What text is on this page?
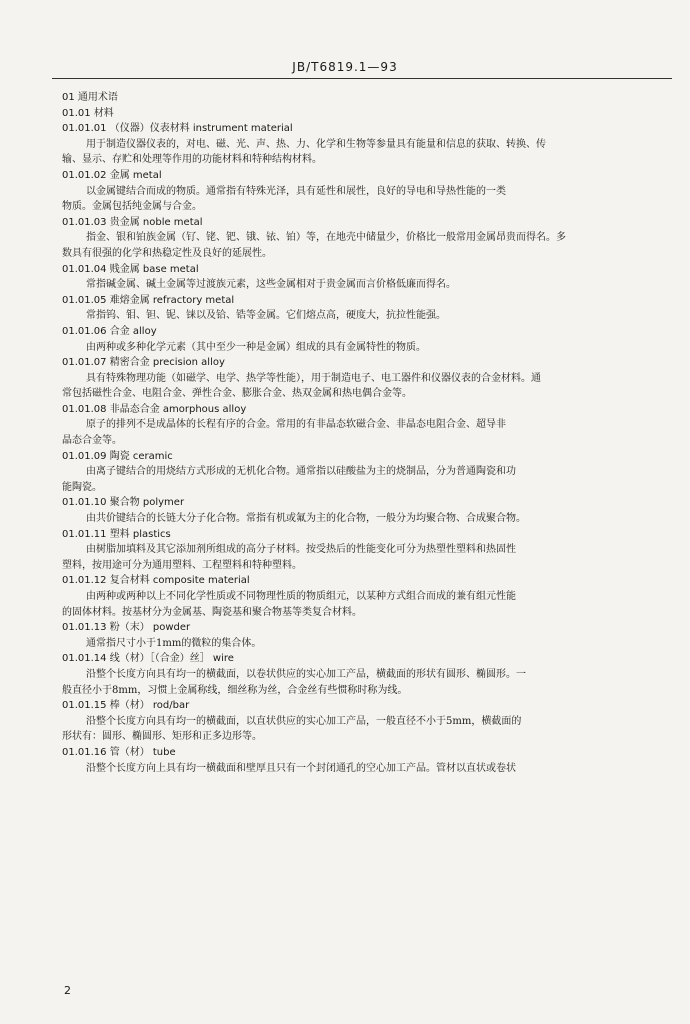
JB/T6819.1—93
01 通用术语
01.01 材料
01.01.01 （仪器）仪表材料 instrument material
用于制造仪器仪表的，对电、磁、光、声、热、力、化学和生物等参量具有能量和信息的获取、转换、传
输、显示、存贮和处理等作用的功能材料和特种结构材料。
01.01.02 金属 metal
以金属键结合而成的物质。通常指有特殊光泽，具有延性和展性，良好的导电和导热性能的一类
物质。金属包括纯金属与合金。
01.01.03 贵金属 noble metal
指金、银和铂族金属（钌、铑、钯、锇、铱、铂）等，在地壳中储量少，价格比一般常用金属昂贵而得名。多
数具有很强的化学和热稳定性及良好的延展性。
01.01.04 贱金属 base metal
常指碱金属、碱土金属等过渡族元素，这些金属相对于贵金属而言价格低廉而得名。
01.01.05 难熔金属 refractory metal
常指钨、钼、钽、铌、铼以及铪、锆等金属。它们熔点高，硬度大，抗拉性能强。
01.01.06 合金 alloy
由两种或多种化学元素（其中至少一种是金属）组成的具有金属特性的物质。
01.01.07 精密合金 precision alloy
具有特殊物理功能（如磁学、电学、热学等性能），用于制造电子、电工器件和仪器仪表的合金材料。通
常包括磁性合金、电阻合金、弹性合金、膨胀合金、热双金属和热电偶合金等。
01.01.08 非晶态合金 amorphous alloy
原子的排列不是成晶体的长程有序的合金。常用的有非晶态软磁合金、非晶态电阻合金、超导非
晶态合金等。
01.01.09 陶瓷 ceramic
由离子键结合的用烧结方式形成的无机化合物。通常指以硅酸盐为主的烧制品，分为普通陶瓷和功
能陶瓷。
01.01.10 聚合物 polymer
由共价键结合的长链大分子化合物。常指有机或氟为主的化合物，一般分为均聚合物、合成聚合物。
01.01.11 塑料 plastics
由树脂加填料及其它添加剂所组成的高分子材料。按受热后的性能变化可分为热塑性塑料和热固性
塑料，按用途可分为通用塑料、工程塑料和特种塑料。
01.01.12 复合材料 composite material
由两种或两种以上不同化学性质或不同物理性质的物质组元，以某种方式组合而成的兼有组元性能
的固体材料。按基材分为金属基、陶瓷基和聚合物基等类复合材料。
01.01.13 粉（末） powder
通常指尺寸小于1mm的微粒的集合体。
01.01.14 线（材）［（合金）丝］ wire
沿整个长度方向具有均一的横截面，以卷状供应的实心加工产品，横截面的形状有圆形、椭圆形。一
般直径小于8mm，习惯上金属称线，细丝称为丝，合金丝有些惯称时称为线。
01.01.15 棒（材） rod/bar
沿整个长度方向具有均一的横截面，以直状供应的实心加工产品，一般直径不小于5mm，横截面的
形状有：圆形、椭圆形、矩形和正多边形等。
01.01.16 管（材） tube
沿整个长度方向上具有均一横截面和壁厚且只有一个封闭通孔的空心加工产品。管材以直状或卷状
2
